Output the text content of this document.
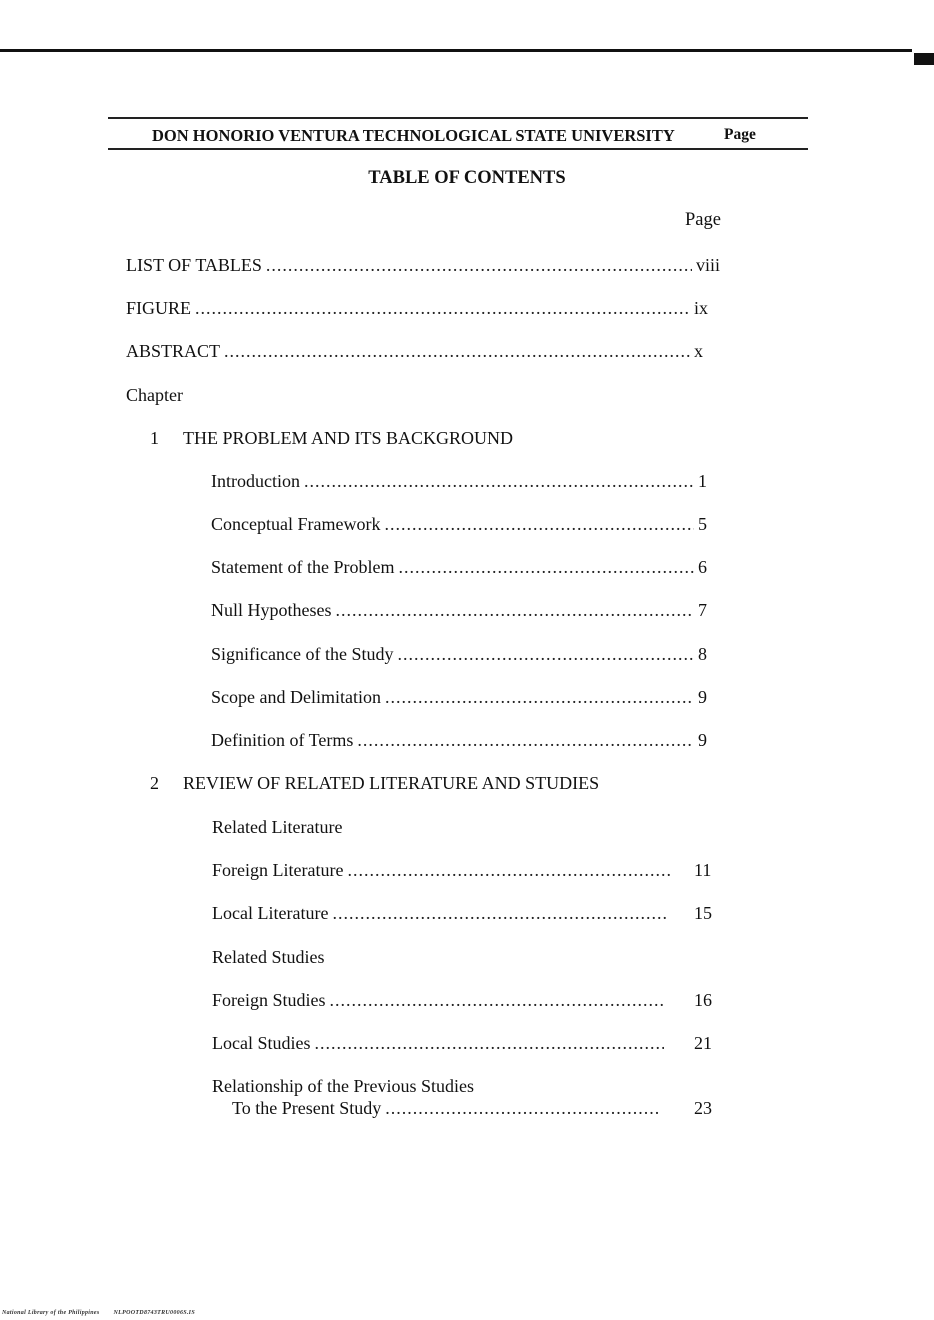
DON HONORIO VENTURA TECHNOLOGICAL STATE UNIVERSITY	Page
TABLE OF CONTENTS
Page
LIST OF TABLES .....	viii
FIGURE .....	ix
ABSTRACT .....	x
Chapter
1 THE PROBLEM AND ITS BACKGROUND
Introduction .....	1
Conceptual Framework .....	5
Statement of the Problem .....	6
Null Hypotheses .....	7
Significance of the Study .....	8
Scope and Delimitation .....	9
Definition of Terms .....	9
2 REVIEW OF RELATED LITERATURE AND STUDIES
Related Literature
Foreign Literature .....	11
Local Literature .....	15
Related Studies
Foreign Studies .....	16
Local Studies .....	21
Relationship of the Previous Studies
To the Present Study .....	23
National Library of the Philippines NLPOOTD8743TRU0006S.IS
